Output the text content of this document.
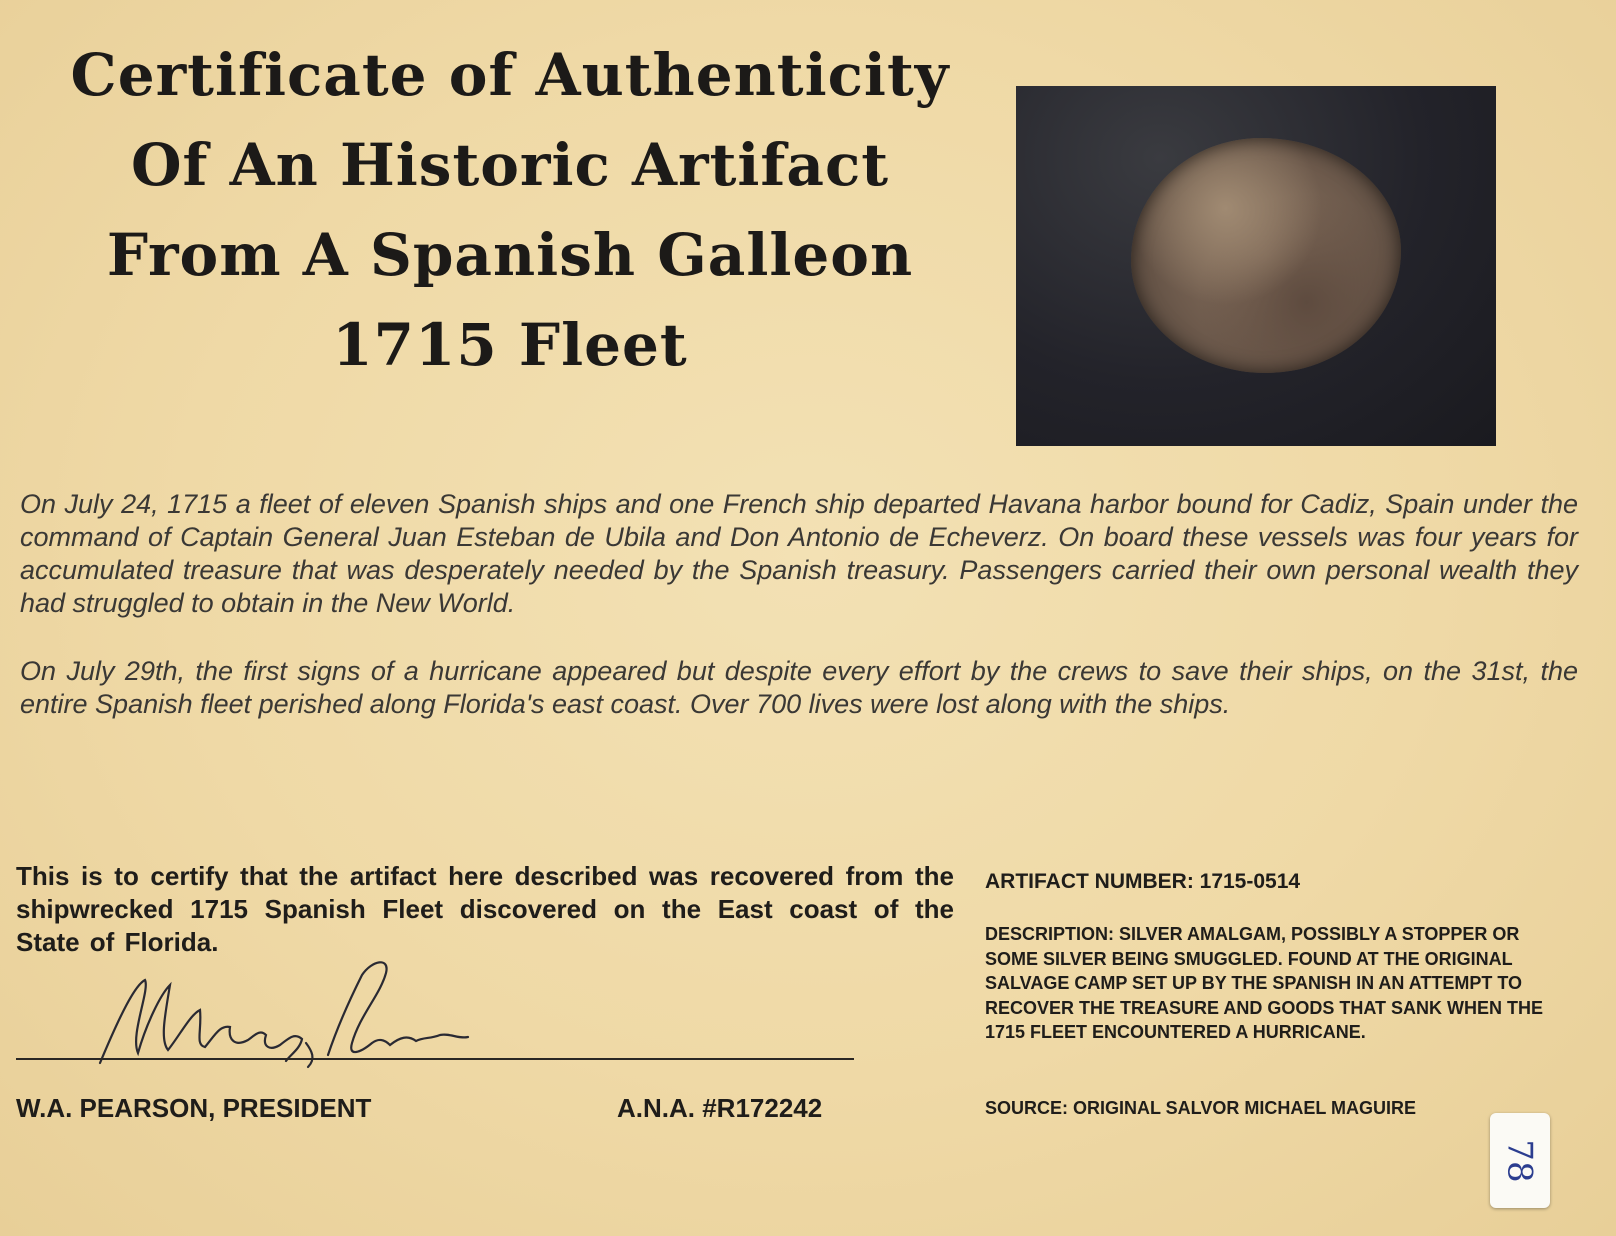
Certificate of Authenticity
Of An Historic Artifact
From A Spanish Galleon
1715 Fleet

On July 24, 1715 a fleet of eleven Spanish ships and one French ship departed Havana harbor bound for Cadiz, Spain under the command of Captain General Juan Esteban de Ubila and Don Antonio de Echeverz. On board these vessels was four years for accumulated treasure that was desperately needed by the Spanish treasury. Passengers carried their own personal wealth they had struggled to obtain in the New World.

On July 29th, the first signs of a hurricane appeared but despite every effort by the crews to save their ships, on the 31st, the entire Spanish fleet perished along Florida's east coast. Over 700 lives were lost along with the ships.

This is to certify that the artifact here described was recovered from the shipwrecked 1715 Spanish Fleet discovered on the East coast of the State of Florida.

W.A. PEARSON, PRESIDENT	A.N.A. #R172242
ARTIFACT NUMBER: 1715-0514

DESCRIPTION: SILVER AMALGAM, POSSIBLY A STOPPER OR SOME SILVER BEING SMUGGLED. FOUND AT THE ORIGINAL SALVAGE CAMP SET UP BY THE SPANISH IN AN ATTEMPT TO RECOVER THE TREASURE AND GOODS THAT SANK WHEN THE 1715 FLEET ENCOUNTERED A HURRICANE.

SOURCE: ORIGINAL SALVOR MICHAEL MAGUIRE
78
